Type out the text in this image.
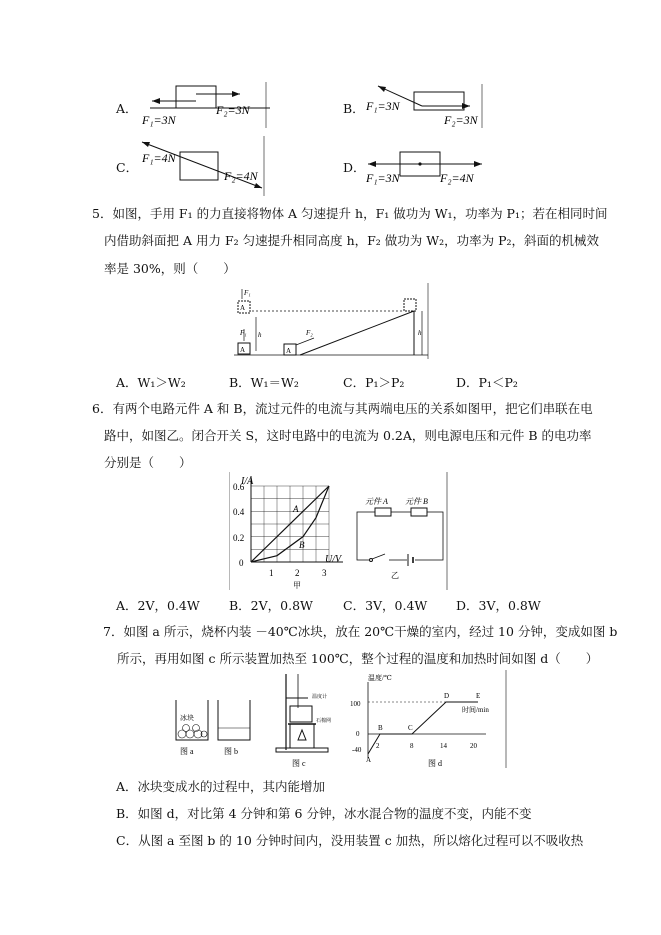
A．
F₁=3N
F₂=3N	B． F₁=3N
F₂=3N
C．
F₁=4N
F₂=4N
D．
F₁=3N	F₂=4N
5．如图，手用 F₁ 的力直接将物体 A 匀速提升 h，F₁ 做功为 W₁，功率为 P₁；若在相同时间
内借助斜面把 A 用力 F₂ 匀速提升相同高度 h，F₂ 做功为 W₂，功率为 P₂，斜面的机械效
率是 30%，则（　　）
A
F₁
h
A
F₁
A
F₂	h
A．W₁＞W₂	B．W₁＝W₂	C．P₁＞P₂	D．P₁＜P₂
6．有两个电路元件 A 和 B，流过元件的电流与其两端电压的关系如图甲，把它们串联在电
路中，如图乙。闭合开关 S，这时电路中的电流为 0.2A，则电源电压和元件 B 的电功率
分别是（　　）
I/A
U/V
0.6
0.4
0.2
0
1 2	3
甲
A
B
元件 A 元件 B
乙
A．2V，0.4W B．2V，0.8W C．3V，0.4W D．3V，0.8W
7．如图 a 所示，烧杯内装 －40℃冰块，放在 20℃干燥的室内，经过 10 分钟，变成如图 b
所示，再用如图 c 所示装置加热至 100℃，整个过程的温度和加热时间如图 d（　　）
冰块
图 a	图 b
温度计
石棉网
图 c
温度/℃
时间/min
100
0
-40 2	8	14	20
A
B	C
D	E
图 d
A．冰块变成水的过程中，其内能增加
B．如图 d，对比第 4 分钟和第 6 分钟，冰水混合物的温度不变，内能不变
C．从图 a 至图 b 的 10 分钟时间内，没用装置 c 加热，所以熔化过程可以不吸收热
